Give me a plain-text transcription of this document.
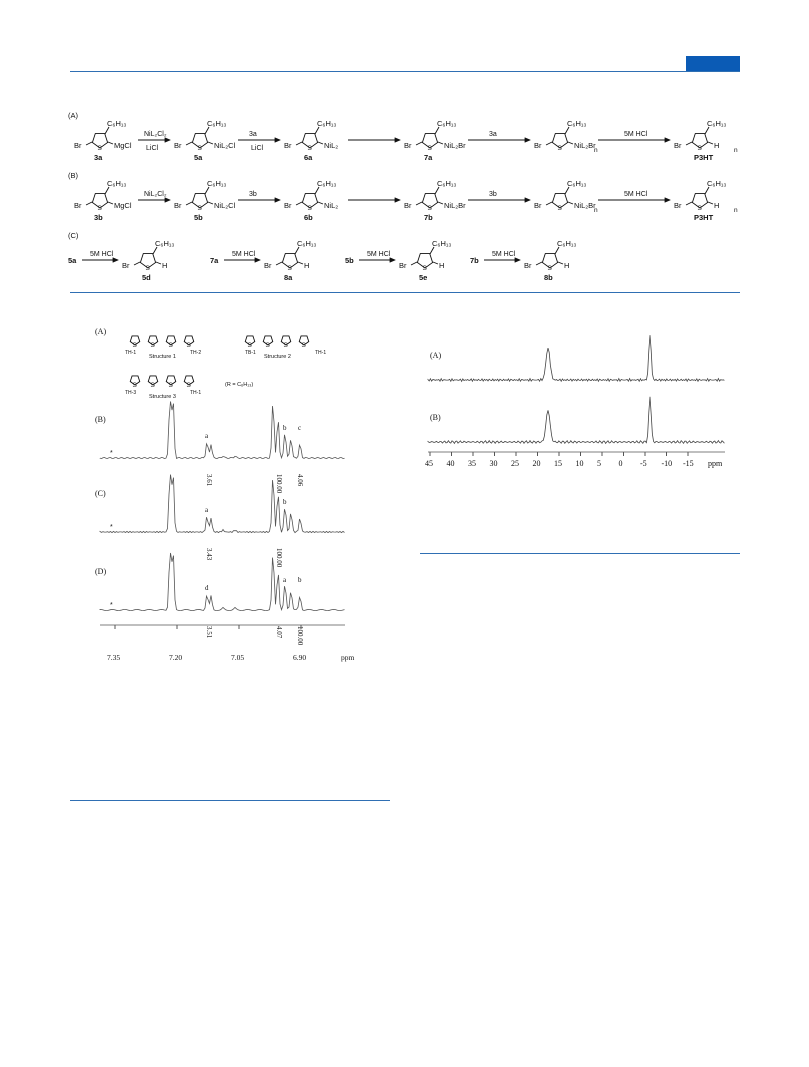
(A)
S
C₆H₁₃
Br	MgCl
3a
S
C₆H₁₃
Br	NiL₂Cl
5a
S
C₆H₁₃
Br	NiL₂
6a
S
C₆H₁₃
Br	NiL₂Br
7a
S
C₆H₁₃
Br	NiL₂Br
n	S
C₆H₁₃
Br	H
P3HT
n
NiL₂Cl₂
LiCl
3a
LiCl
3a	5M HCl
(B)
S
C₆H₁₃
Br	MgCl
3b
S
C₆H₁₃
Br	NiL₂Cl
5b
S
C₆H₁₃
Br	NiL₂
6b
S
C₆H₁₃
Br	NiL₂Br
7b
S
C₆H₁₃
Br	NiL₂Br
n	S
C₆H₁₃
Br	H
P3HT
n
NiL₂Cl₂	3b	3b	5M HCl
(C)
5a
5M HCl
S
C₆H₁₃
Br	H
5d
7a
5M HCl
S
C₆H₁₃
Br	H
8a
5b
5M HCl
S
C₆H₁₃
Br	H
5e
7b
5M HCl
S
C₆H₁₃
Br	H
8b
(A)
S S S S
Structure 1
S S S S
Structure 2
S S S S
Structure 3
TH-1	TH-2	TB-1	TH-1
TH-3	TH-1
(R = C₆H₁₃)
(B)
a
b c
3.61	100.00 4.06
*
(C)
a
b
3.43	100.00
*
(D)
d
a b
3.51	4.07 100.00
*
7.35	7.20	7.05	6.90	ppm
(A)
(B)
45 40 35 30 25 20 15 10 5 0 -5 -10 -15 ppm
